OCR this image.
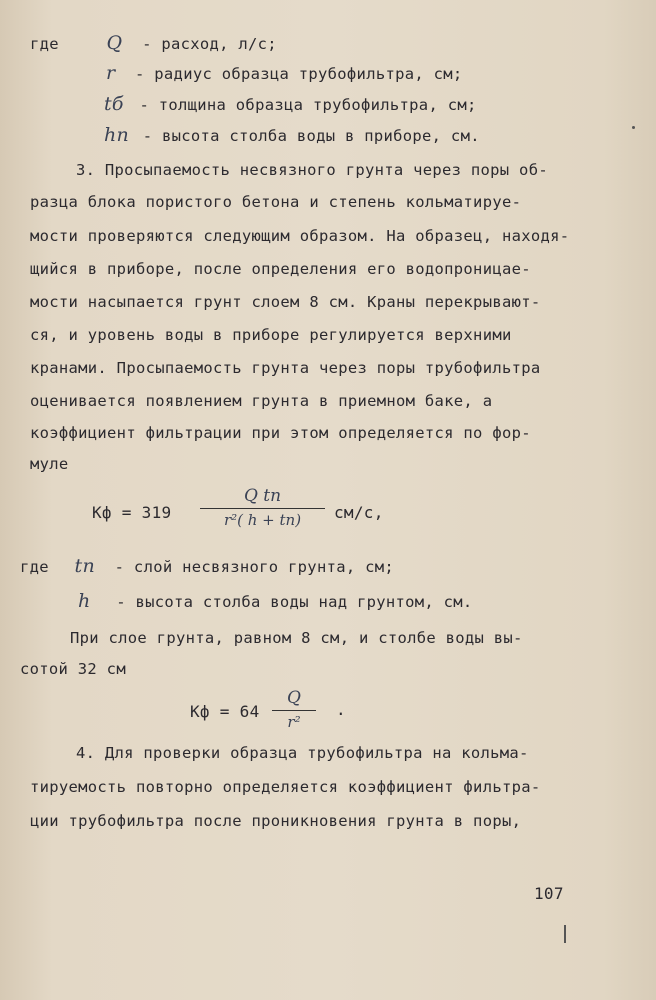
где	Q - расход, л/с;
r - радиус образца трубофильтра, см;
tб - толщина образца трубофильтра, см;
hп - высота столба воды в приборе, см.
3. Просыпаемость несвязного грунта через поры об-
разца блока пористого бетона и степень кольматируе-
мости проверяются следующим образом. На образец, находя-
щийся в приборе, после определения его водопроницае-
мости насыпается грунт слоем 8 см. Краны перекрывают-
ся, и уровень воды в приборе регулируется верхними
кранами. Просыпаемость грунта через поры трубофильтра
оценивается появлением грунта в приемном баке, а
коэффициент фильтрации при этом определяется по фор-
муле
Кф = 319
Q tп
r²( h + tп)	см/с,
где tп - слой несвязного грунта, см;
h - высота столба воды над грунтом, см.
При слое грунта, равном 8 см, и столбе воды вы-
сотой 32 см
Кф = 64
Q
r²
.
4. Для проверки образца трубофильтра на кольма-
тируемость повторно определяется коэффициент фильтра-
ции трубофильтра после проникновения грунта в поры,
107
